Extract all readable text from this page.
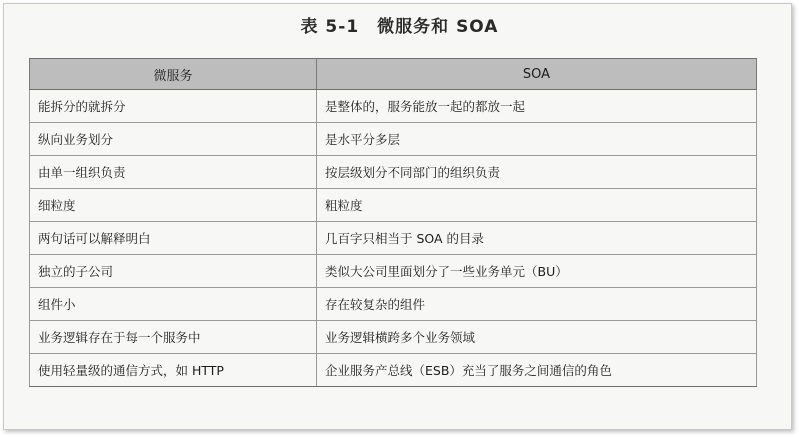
表 5-1　微服务和 SOA
微服务	SOA
能拆分的就拆分	是整体的，服务能放一起的都放一起
纵向业务划分	是水平分多层
由单一组织负责	按层级划分不同部门的组织负责
细粒度	粗粒度
两句话可以解释明白	几百字只相当于 SOA 的目录
独立的子公司	类似大公司里面划分了一些业务单元（BU）
组件小	存在较复杂的组件
业务逻辑存在于每一个服务中	业务逻辑横跨多个业务领域
使用轻量级的通信方式，如 HTTP	企业服务产总线（ESB）充当了服务之间通信的角色
